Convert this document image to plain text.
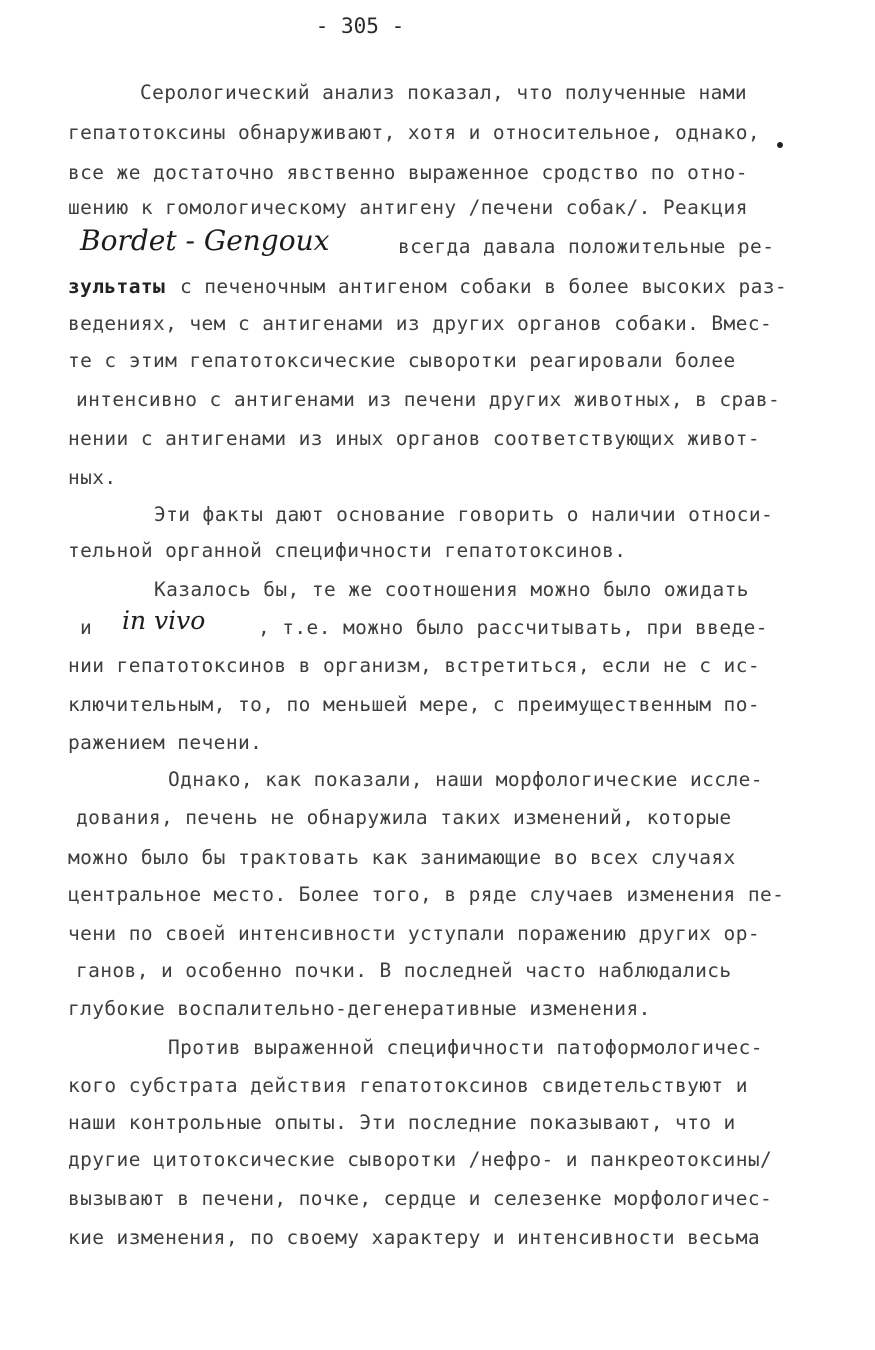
- 305 -
Серологический анализ показал, что полученные нами
гепатотоксины обнаруживают, хотя и относительное, однако,
все же достаточно явственно выраженное сродство по отно-
шению к гомологическому антигену /печени собак/. Реакция
Bordet - Gengoux	всегда давала положительные ре-
зультаты с печеночным антигеном собаки в более высоких раз-
ведениях, чем с антигенами из других органов собаки. Вмес-
те с этим гепатотоксические сыворотки реагировали более
интенсивно с антигенами из печени других животных, в срав-
нении с антигенами из иных органов соответствующих живот-
ных.
Эти факты дают основание говорить о наличии относи-
тельной органной специфичности гепатотоксинов.
Казалось бы, те же соотношения можно было ожидать
и in vivo	, т.е. можно было рассчитывать, при введе-
нии гепатотоксинов в организм, встретиться, если не с ис-
ключительным, то, по меньшей мере, с преимущественным по-
ражением печени.
Однако, как показали, наши морфологические иссле-
дования, печень не обнаружила таких изменений, которые
можно было бы трактовать как занимающие во всех случаях
центральное место. Более того, в ряде случаев изменения пе-
чени по своей интенсивности уступали поражению других ор-
ганов, и особенно почки. В последней часто наблюдались
глубокие воспалительно-дегенеративные изменения.
Против выраженной специфичности патоформологичес-
кого субстрата действия гепатотоксинов свидетельствуют и
наши контрольные опыты. Эти последние показывают, что и
другие цитотоксические сыворотки /нефро- и панкреотоксины/
вызывают в печени, почке, сердце и селезенке морфологичес-
кие изменения, по своему характеру и интенсивности весьма
